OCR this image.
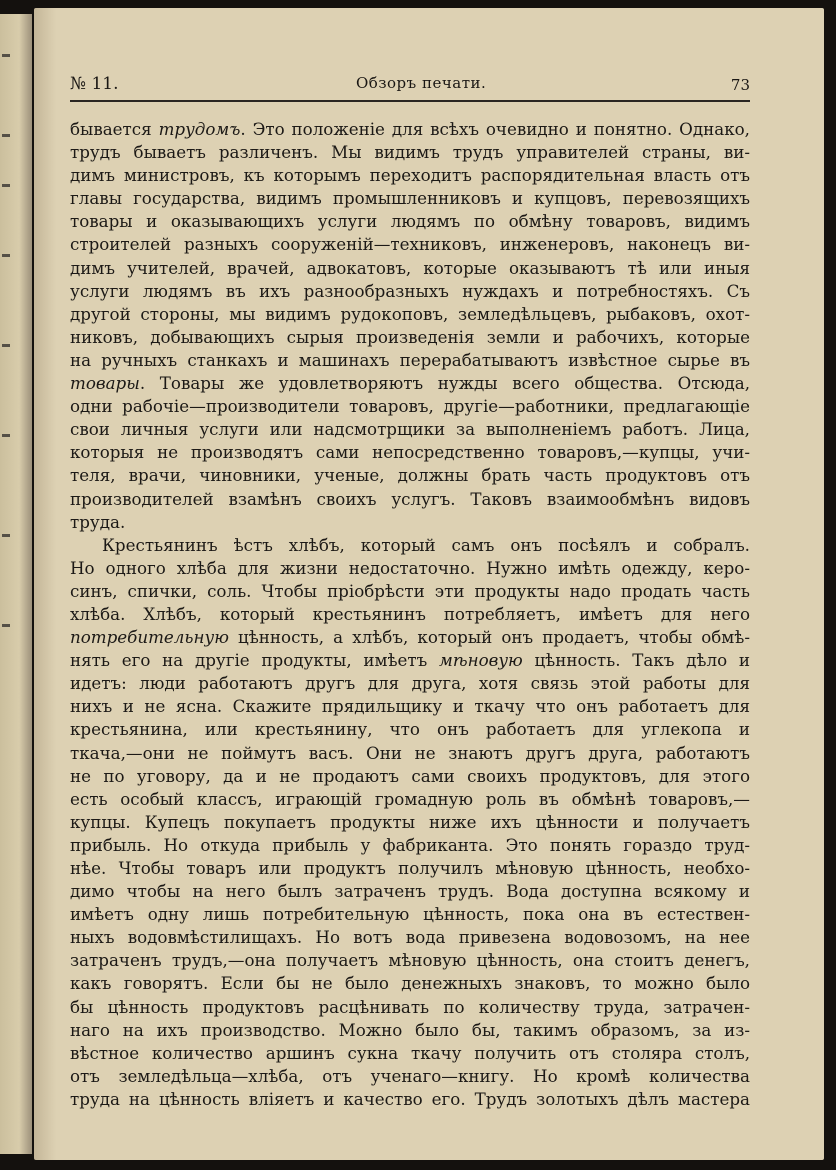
№ 11.	Обзоръ печати.	73
бывается трудомъ. Это положеніе для всѣхъ очевидно и понятно. Однако,
трудъ бываетъ различенъ. Мы видимъ трудъ управителей страны, ви-
димъ министровъ, къ которымъ переходитъ распорядительная власть отъ
главы государства, видимъ промышленниковъ и купцовъ, перевозящихъ
товары и оказывающихъ услуги людямъ по обмѣну товаровъ, видимъ
строителей разныхъ сооруженій—техниковъ, инженеровъ, наконецъ ви-
димъ учителей, врачей, адвокатовъ, которые оказываютъ тѣ или иныя
услуги людямъ въ ихъ разнообразныхъ нуждахъ и потребностяхъ. Съ
другой стороны, мы видимъ рудокоповъ, земледѣльцевъ, рыбаковъ, охот-
никовъ, добывающихъ сырыя произведенія земли и рабочихъ, которые
на ручныхъ станкахъ и машинахъ перерабатываютъ извѣстное сырье въ
товары. Товары же удовлетворяютъ нужды всего общества. Отсюда,
одни рабочіе—производители товаровъ, другіе—работники, предлагающіе
свои личныя услуги или надсмотрщики за выполненіемъ работъ. Лица,
которыя не производятъ сами непосредственно товаровъ,—купцы, учи-
теля, врачи, чиновники, ученые, должны брать часть продуктовъ отъ
производителей взамѣнъ своихъ услугъ. Таковъ взаимообмѣнъ видовъ
труда.
Крестьянинъ ѣстъ хлѣбъ, который самъ онъ посѣялъ и собралъ.
Но одного хлѣба для жизни недостаточно. Нужно имѣть одежду, керо-
синъ, спички, соль. Чтобы пріобрѣсти эти продукты надо продать часть
хлѣба. Хлѣбъ, который крестьянинъ потребляетъ, имѣетъ для него
потребительную цѣнность, а хлѣбъ, который онъ продаетъ, чтобы обмѣ-
нять его на другіе продукты, имѣетъ мѣновую цѣнность. Такъ дѣло и
идетъ: люди работаютъ другъ для друга, хотя связь этой работы для
нихъ и не ясна. Скажите прядильщику и ткачу что онъ работаетъ для
крестьянина, или крестьянину, что онъ работаетъ для углекопа и
ткача,—они не поймутъ васъ. Они не знаютъ другъ друга, работаютъ
не по уговору, да и не продаютъ сами своихъ продуктовъ, для этого
есть особый классъ, играющій громадную роль въ обмѣнѣ товаровъ,—
купцы. Купецъ покупаетъ продукты ниже ихъ цѣнности и получаетъ
прибыль. Но откуда прибыль у фабриканта. Это понять гораздо труд-
нѣе. Чтобы товаръ или продуктъ получилъ мѣновую цѣнность, необхо-
димо чтобы на него былъ затраченъ трудъ. Вода доступна всякому и
имѣетъ одну лишь потребительную цѣнность, пока она въ естествен-
ныхъ водовмѣстилищахъ. Но вотъ вода привезена водовозомъ, на нее
затраченъ трудъ,—она получаетъ мѣновую цѣнность, она стоитъ денегъ,
какъ говорятъ. Если бы не было денежныхъ знаковъ, то можно было
бы цѣнность продуктовъ расцѣнивать по количеству труда, затрачен-
наго на ихъ производство. Можно было бы, такимъ образомъ, за из-
вѣстное количество аршинъ сукна ткачу получить отъ столяра столъ,
отъ земледѣльца—хлѣба, отъ ученаго—книгу. Но кромѣ количества
труда на цѣнность вліяетъ и качество его. Трудъ золотыхъ дѣлъ мастера
